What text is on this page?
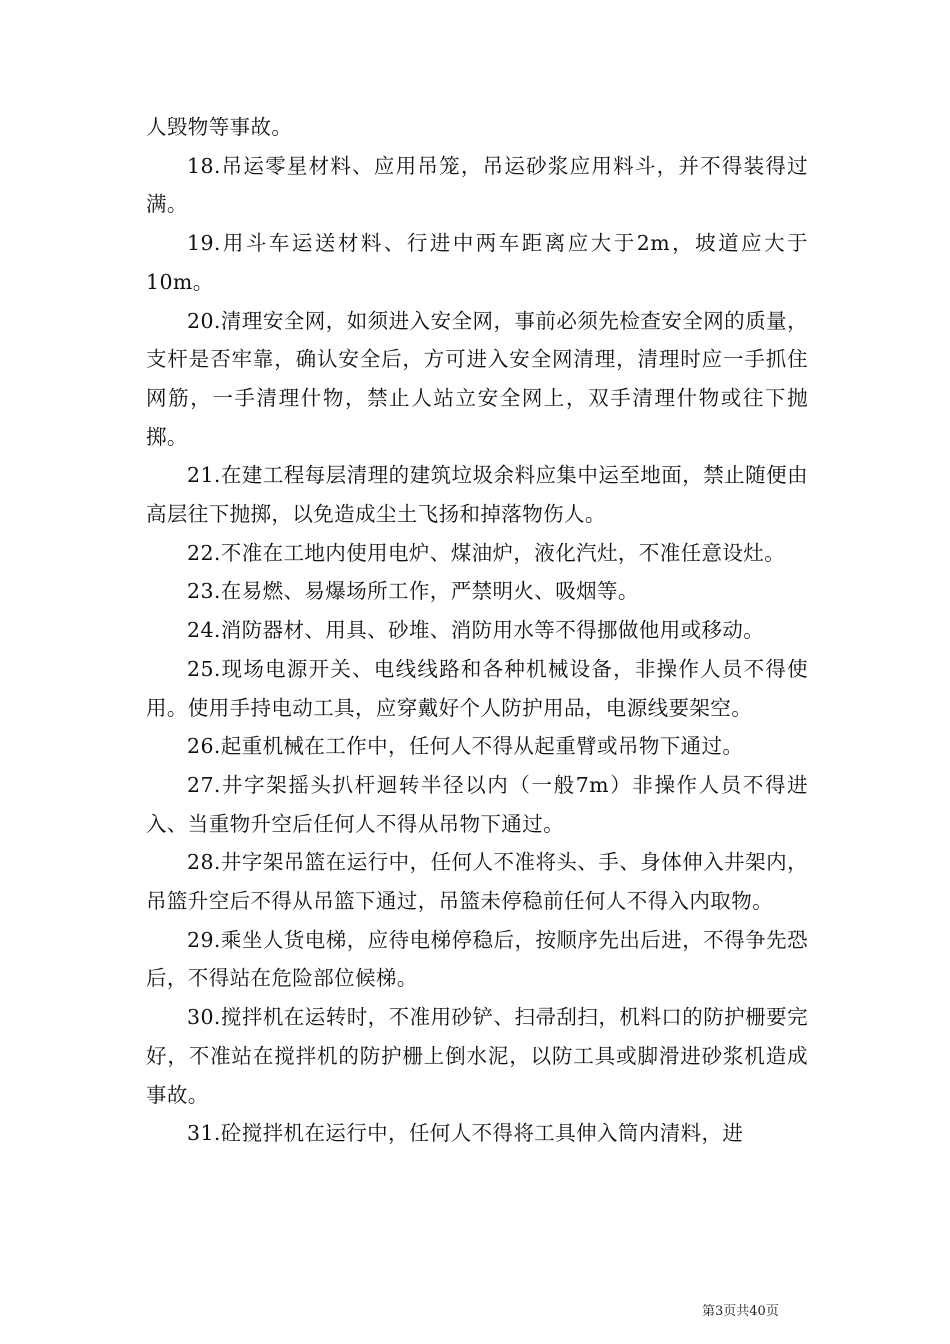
人毁物等事故。

18.吊运零星材料、应用吊笼，吊运砂浆应用料斗，并不得装得过满。

19.用斗车运送材料、行进中两车距离应大于2m，坡道应大于10m。

20.清理安全网，如须进入安全网，事前必须先检查安全网的质量，支杆是否牢靠，确认安全后，方可进入安全网清理，清理时应一手抓住网筋，一手清理什物，禁止人站立安全网上，双手清理什物或往下抛掷。

21.在建工程每层清理的建筑垃圾余料应集中运至地面，禁止随便由高层往下抛掷，以免造成尘土飞扬和掉落物伤人。

22.不准在工地内使用电炉、煤油炉，液化汽灶，不准任意设灶。

23.在易燃、易爆场所工作，严禁明火、吸烟等。

24.消防器材、用具、砂堆、消防用水等不得挪做他用或移动。

25.现场电源开关、电线线路和各种机械设备，非操作人员不得使用。使用手持电动工具，应穿戴好个人防护用品，电源线要架空。

26.起重机械在工作中，任何人不得从起重臂或吊物下通过。

27.井字架摇头扒杆迴转半径以内（一般7m）非操作人员不得进入、当重物升空后任何人不得从吊物下通过。

28.井字架吊篮在运行中，任何人不准将头、手、身体伸入井架内，吊篮升空后不得从吊篮下通过，吊篮未停稳前任何人不得入内取物。

29.乘坐人货电梯，应待电梯停稳后，按顺序先出后进，不得争先恐后，不得站在危险部位候梯。

30.搅拌机在运转时，不准用砂铲、扫帚刮扫，机料口的防护栅要完好，不准站在搅拌机的防护栅上倒水泥，以防工具或脚滑进砂浆机造成事故。

31.砼搅拌机在运行中，任何人不得将工具伸入筒内清料，进

第3页共40页
